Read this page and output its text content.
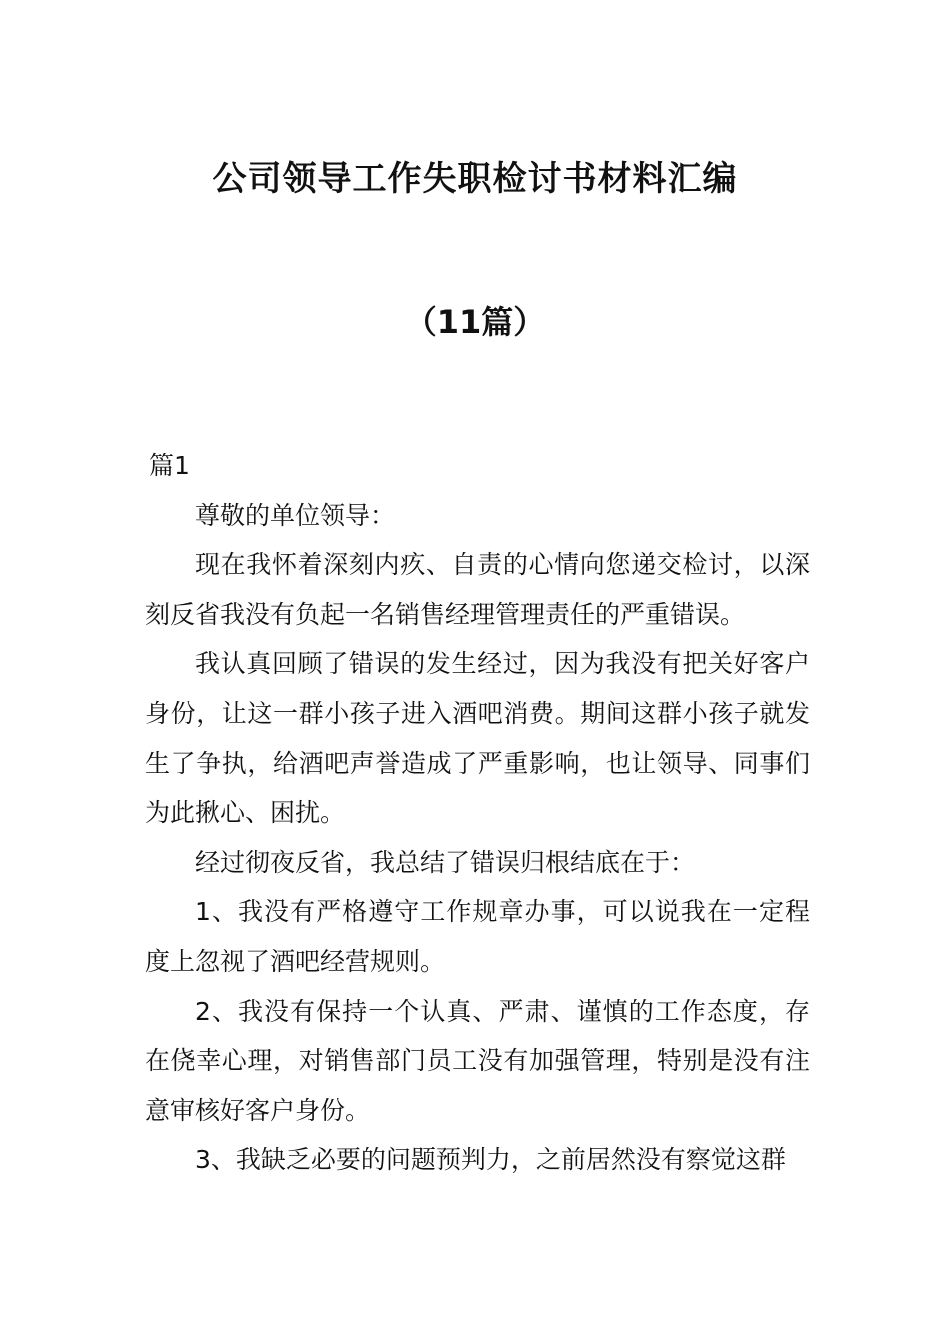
公司领导工作失职检讨书材料汇编
（11篇）

篇1

尊敬的单位领导：

现在我怀着深刻内疚、自责的心情向您递交检讨，以深刻反省我没有负起一名销售经理管理责任的严重错误。

我认真回顾了错误的发生经过，因为我没有把关好客户身份，让这一群小孩子进入酒吧消费。期间这群小孩子就发生了争执，给酒吧声誉造成了严重影响，也让领导、同事们为此揪心、困扰。

经过彻夜反省，我总结了错误归根结底在于：

1、我没有严格遵守工作规章办事，可以说我在一定程度上忽视了酒吧经营规则。

2、我没有保持一个认真、严肃、谨慎的工作态度，存在侥幸心理，对销售部门员工没有加强管理，特别是没有注意审核好客户身份。

3、我缺乏必要的问题预判力，之前居然没有察觉这群
